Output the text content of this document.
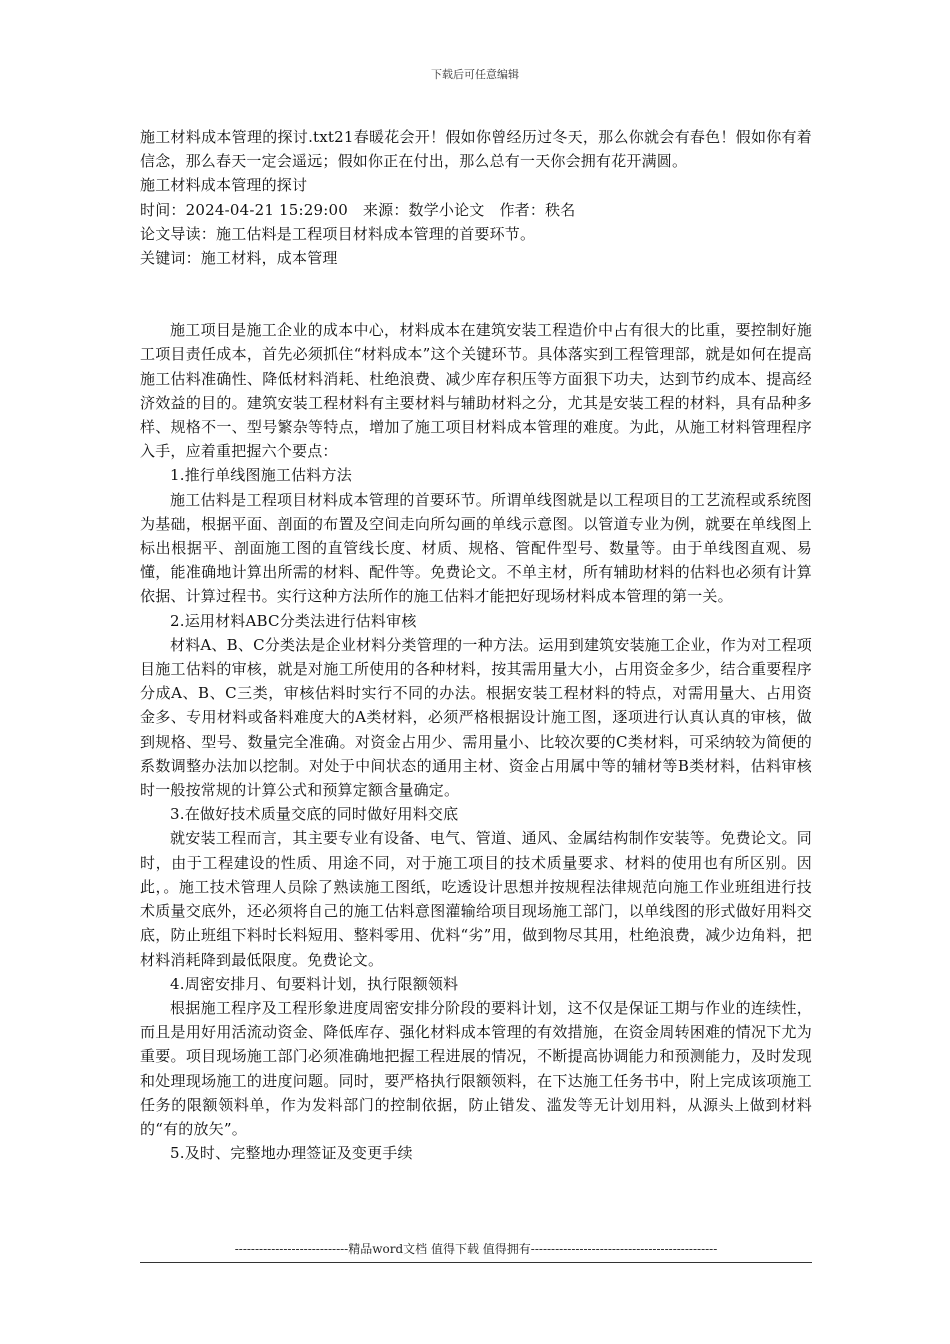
下载后可任意编辑

施工材料成本管理的探讨.txt21春暖花会开！假如你曾经历过冬天，那么你就会有春色！假如你有着信念，那么春天一定会遥远；假如你正在付出，那么总有一天你会拥有花开满圆。

施工材料成本管理的探讨

时间：2024-04-21 15:29:00 来源：数学小论文 作者：秩名

论文导读：施工估料是工程项目材料成本管理的首要环节。

关键词：施工材料，成本管理

施工项目是施工企业的成本中心，材料成本在建筑安装工程造价中占有很大的比重，要控制好施工项目责任成本，首先必须抓住“材料成本”这个关键环节。具体落实到工程管理部，就是如何在提高施工估料准确性、降低材料消耗、杜绝浪费、减少库存积压等方面狠下功夫，达到节约成本、提高经济效益的目的。建筑安装工程材料有主要材料与辅助材料之分，尤其是安装工程的材料，具有品种多样、规格不一、型号繁杂等特点，增加了施工项目材料成本管理的难度。为此，从施工材料管理程序入手，应着重把握六个要点：

1.推行单线图施工估料方法

施工估料是工程项目材料成本管理的首要环节。所谓单线图就是以工程项目的工艺流程或系统图为基础，根据平面、剖面的布置及空间走向所勾画的单线示意图。以管道专业为例，就要在单线图上标出根据平、剖面施工图的直管线长度、材质、规格、管配件型号、数量等。由于单线图直观、易懂，能准确地计算出所需的材料、配件等。免费论文。不单主材，所有辅助材料的估料也必须有计算依据、计算过程书。实行这种方法所作的施工估料才能把好现场材料成本管理的第一关。

2.运用材料ABC分类法进行估料审核

材料A、B、C分类法是企业材料分类管理的一种方法。运用到建筑安装施工企业，作为对工程项目施工估料的审核，就是对施工所使用的各种材料，按其需用量大小，占用资金多少，结合重要程序分成A、B、C三类，审核估料时实行不同的办法。根据安装工程材料的特点，对需用量大、占用资金多、专用材料或备料难度大的A类材料，必须严格根据设计施工图，逐项进行认真认真的审核，做到规格、型号、数量完全准确。对资金占用少、需用量小、比较次要的C类材料，可采纳较为简便的系数调整办法加以挖制。对处于中间状态的通用主材、资金占用属中等的辅材等B类材料，估料审核时一般按常规的计算公式和预算定额含量确定。

3.在做好技术质量交底的同时做好用料交底

就安装工程而言，其主要专业有设备、电气、管道、通风、金属结构制作安装等。免费论文。同时，由于工程建设的性质、用途不同，对于施工项目的技术质量要求、材料的使用也有所区别。因此，。施工技术管理人员除了熟读施工图纸，吃透设计思想并按规程法律规范向施工作业班组进行技术质量交底外，还必须将自己的施工估料意图灌输给项目现场施工部门，以单线图的形式做好用料交底，防止班组下料时长料短用、整料零用、优料“劣”用，做到物尽其用，杜绝浪费，减少边角料，把材料消耗降到最低限度。免费论文。

4.周密安排月、旬要料计划，执行限额领料

根据施工程序及工程形象进度周密安排分阶段的要料计划，这不仅是保证工期与作业的连续性，而且是用好用活流动资金、降低库存、强化材料成本管理的有效措施，在资金周转困难的情况下尤为重要。项目现场施工部门必须准确地把握工程进展的情况，不断提高协调能力和预测能力，及时发现和处理现场施工的进度问题。同时，要严格执行限额领料，在下达施工任务书中，附上完成该项施工任务的限额领料单，作为发料部门的控制依据，防止错发、滥发等无计划用料，从源头上做到材料的“有的放矢”。

5.及时、完整地办理签证及变更手续

----------------------------精品word文档 值得下载 值得拥有----------------------------------------------
